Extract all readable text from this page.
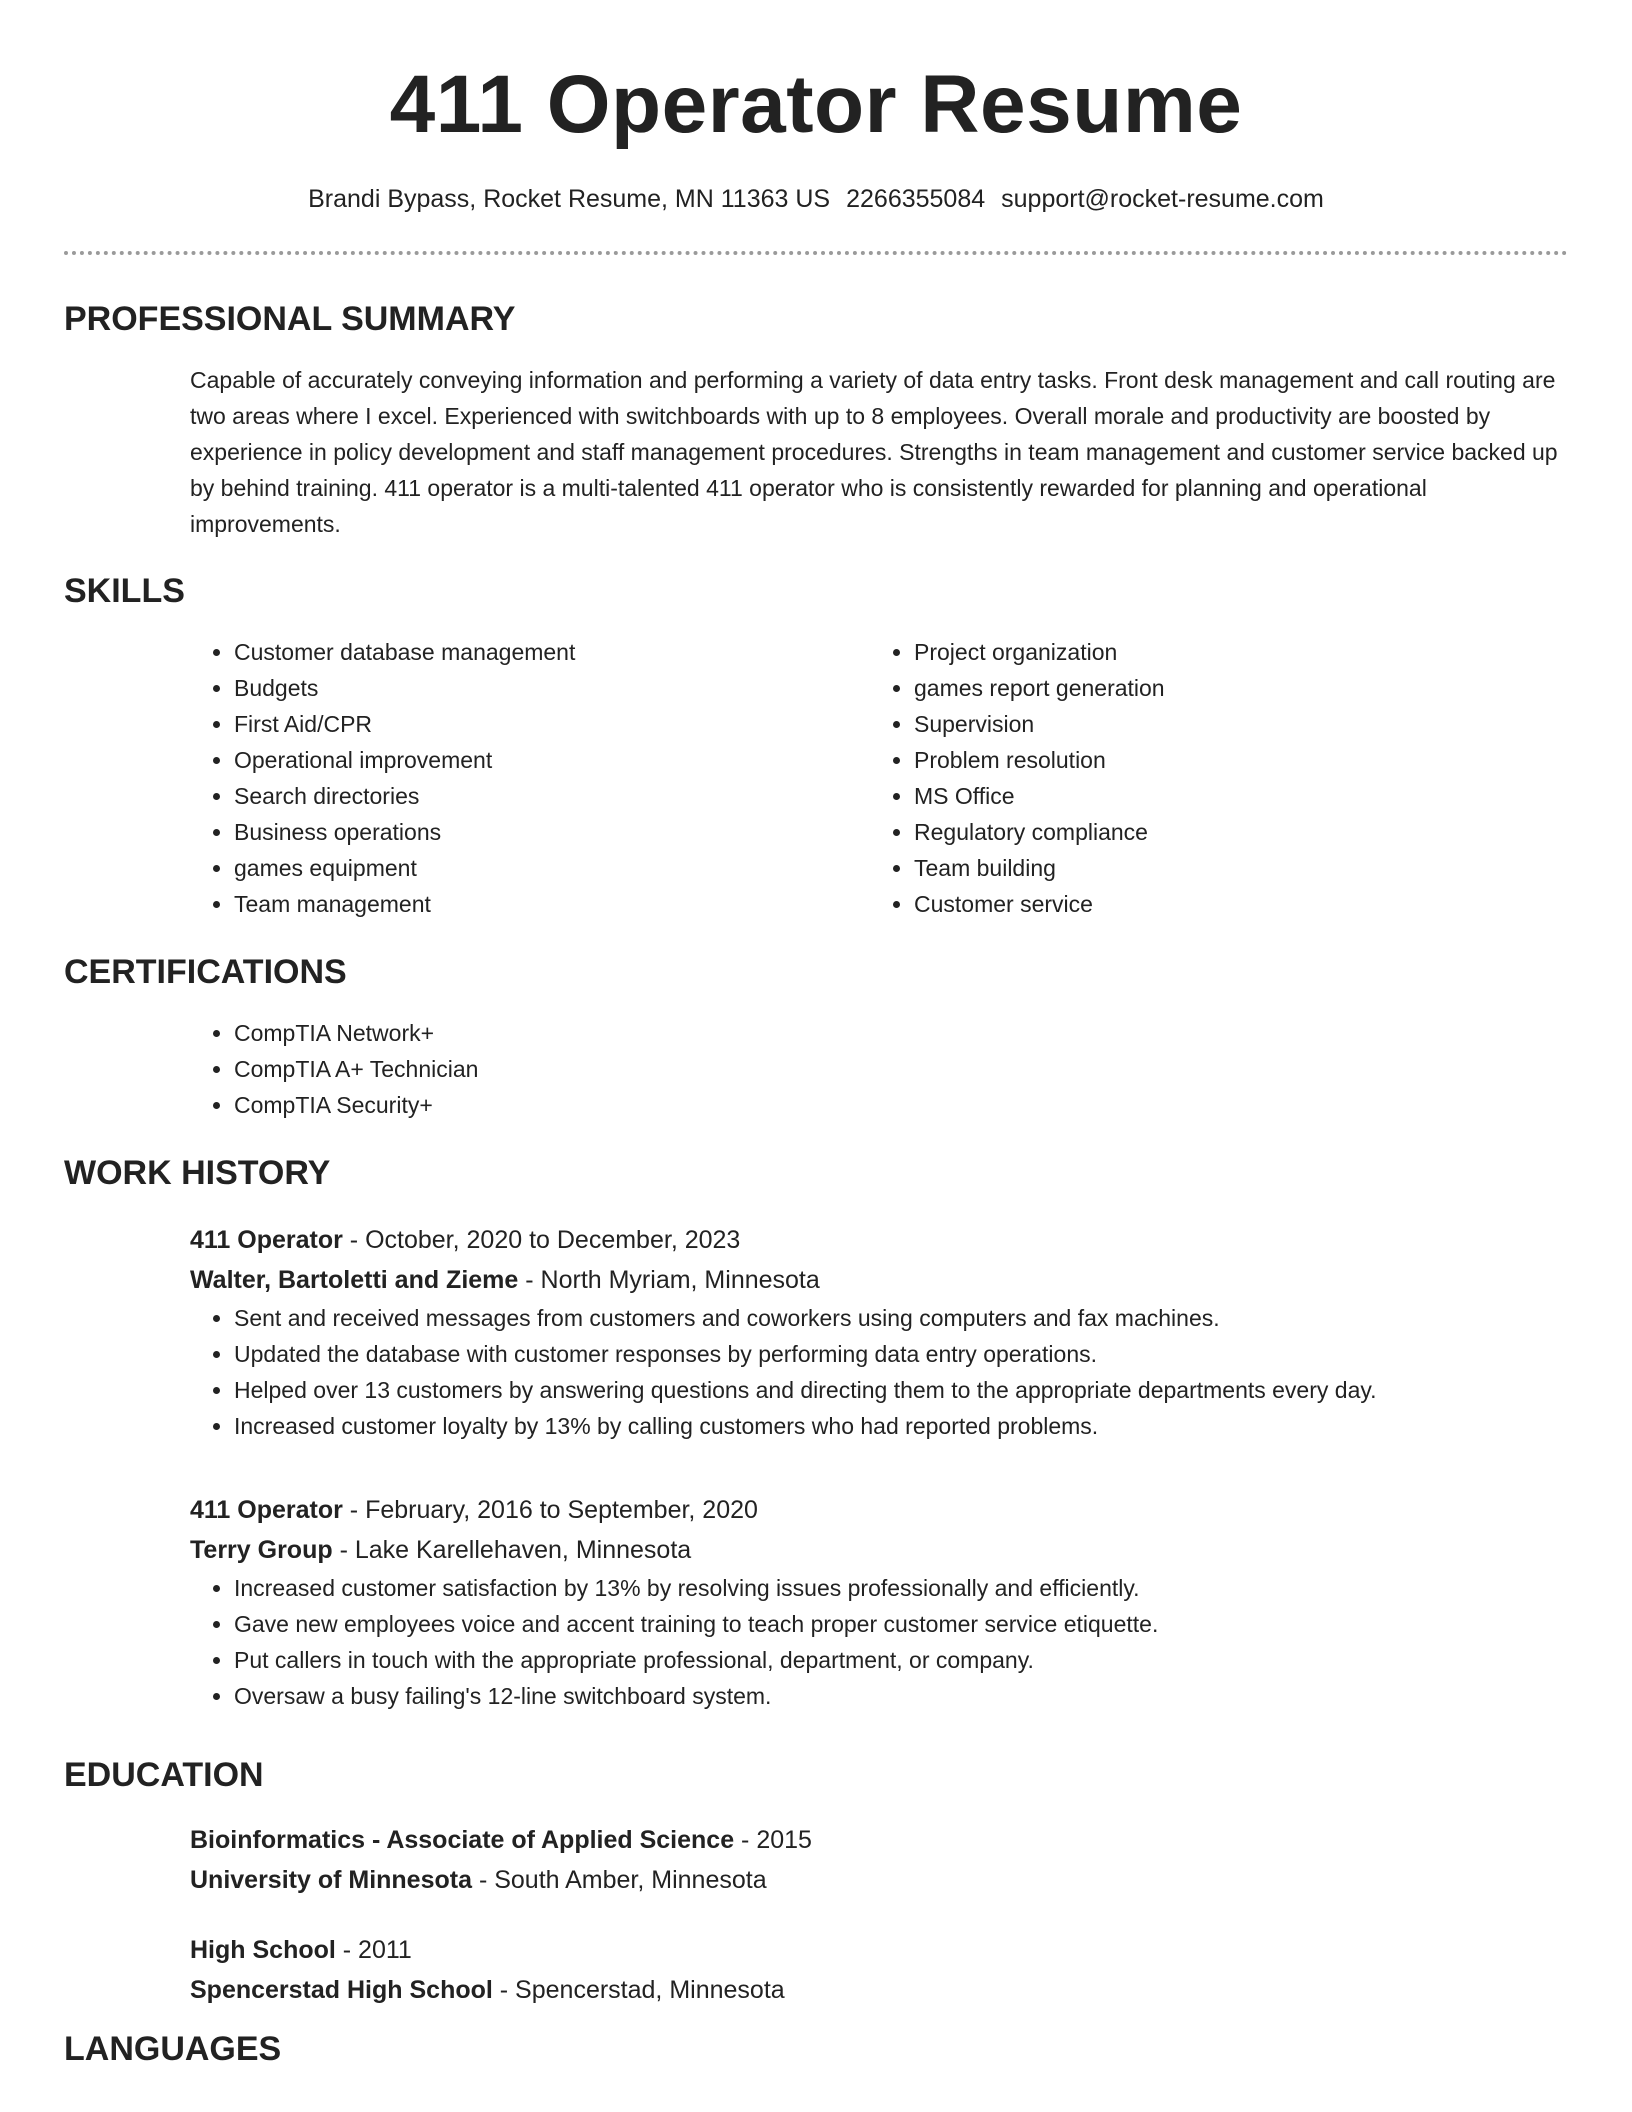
411 Operator Resume
Brandi Bypass, Rocket Resume, MN 11363 US 2266355084 support@rocket-resume.com
PROFESSIONAL SUMMARY

Capable of accurately conveying information and performing a variety of data entry tasks. Front desk management and call routing are two areas where I excel. Experienced with switchboards with up to 8 employees. Overall morale and productivity are boosted by experience in policy development and staff management procedures. Strengths in team management and customer service backed up by behind training. 411 operator is a multi-talented 411 operator who is consistently rewarded for planning and operational improvements.

SKILLS
• Customer database management
• Budgets
• First Aid/CPR
• Operational improvement
• Search directories
• Business operations
• games equipment
• Team management
• Project organization
• games report generation
• Supervision
• Problem resolution
• MS Office
• Regulatory compliance
• Team building
• Customer service
CERTIFICATIONS
• CompTIA Network+
• CompTIA A+ Technician
• CompTIA Security+
WORK HISTORY

411 Operator - October, 2020 to December, 2023

Walter, Bartoletti and Zieme - North Myriam, Minnesota

• Sent and received messages from customers and coworkers using computers and fax machines.
• Updated the database with customer responses by performing data entry operations.
• Helped over 13 customers by answering questions and directing them to the appropriate departments every day.
• Increased customer loyalty by 13% by calling customers who had reported problems.

411 Operator - February, 2016 to September, 2020

Terry Group - Lake Karellehaven, Minnesota

• Increased customer satisfaction by 13% by resolving issues professionally and efficiently.
• Gave new employees voice and accent training to teach proper customer service etiquette.
• Put callers in touch with the appropriate professional, department, or company.
• Oversaw a busy failing's 12-line switchboard system.
EDUCATION

Bioinformatics - Associate of Applied Science - 2015

University of Minnesota - South Amber, Minnesota

High School - 2011

Spencerstad High School - Spencerstad, Minnesota

LANGUAGES
